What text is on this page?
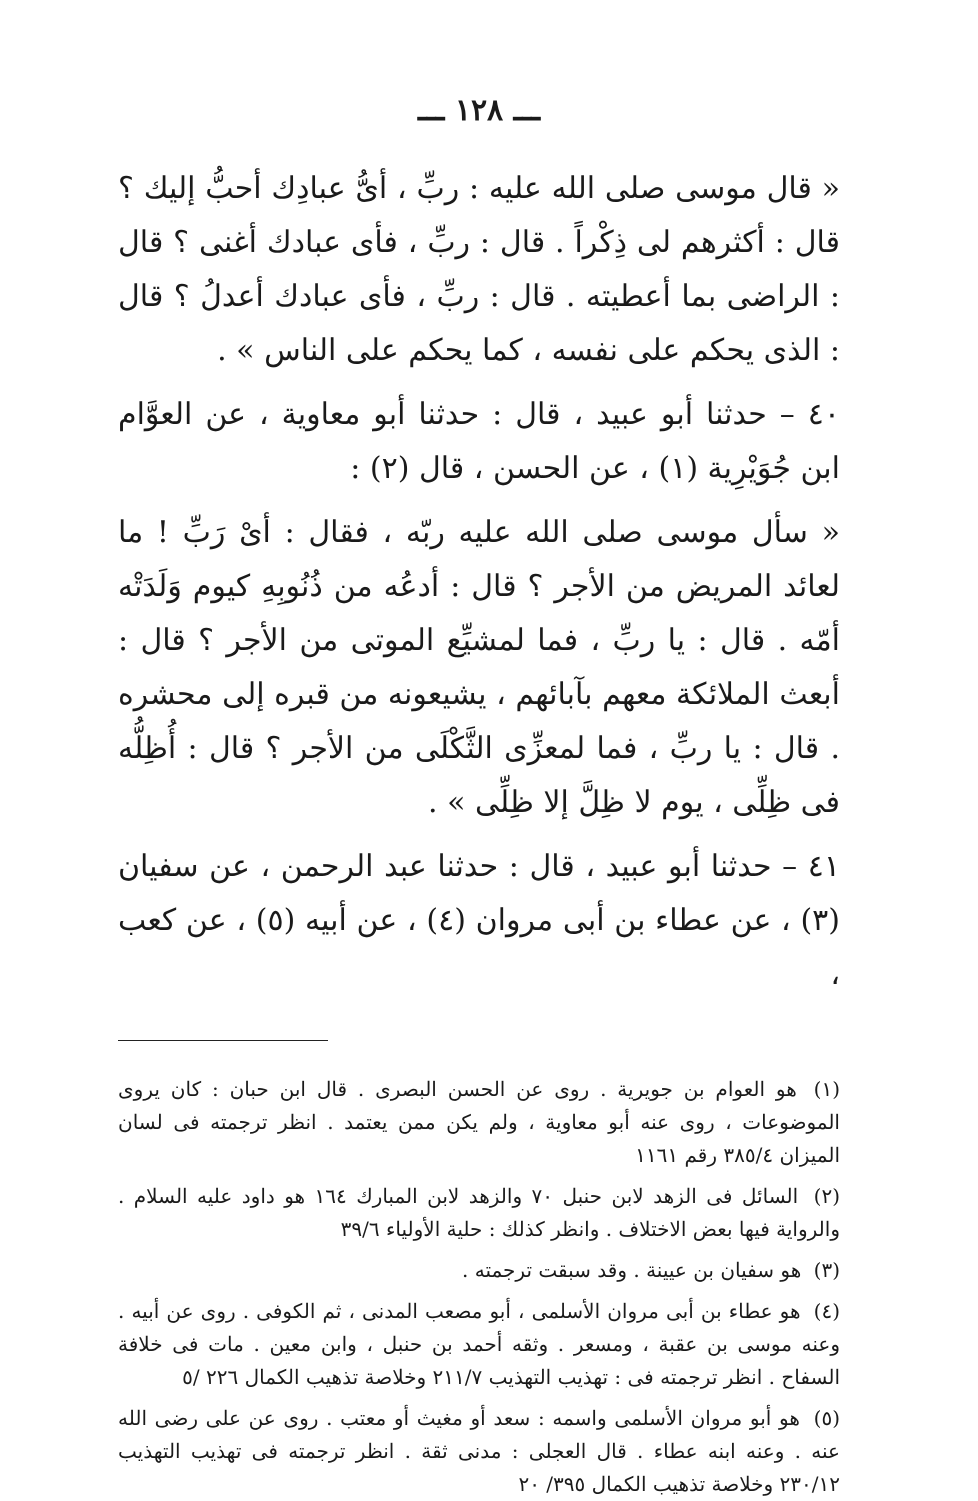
ـــ ١٢٨ ـــ

« قال موسى صلى الله عليه : ربِّ ، أىُّ عبادِك أحبُّ إليك ؟ قال : أكثرهم لى ذِكْراً . قال : ربِّ ، فأى عبادك أغنى ؟ قال : الراضى بما أعطيته . قال : ربِّ ، فأى عبادك أعدلُ ؟ قال : الذى يحكم على نفسه ، كما يحكم على الناس » .

٤٠ – حدثنا أبو عبيد ، قال : حدثنا أبو معاوية ، عن العوَّام ابن جُوَيْرِية (١) ، عن الحسن ، قال (٢) :

« سأل موسى صلى الله عليه ربّه ، فقال : أىْ رَبِّ ! ما لعائد المريض من الأجر ؟ قال : أدعُه من ذُنُوبِهِ كيوم وَلَدَتْه أمّه . قال : يا ربِّ ، فما لمشيِّع الموتى من الأجر ؟ قال : أبعث الملائكة معهم بآبائهم ، يشيعونه من قبره إلى محشره . قال : يا ربِّ ، فما لمعزِّى الثَّكْلَى من الأجر ؟ قال : أُظِلُّه فى ظِلِّى ، يوم لا ظِلَّ إلا ظِلِّى » .

٤١ – حدثنا أبو عبيد ، قال : حدثنا عبد الرحمن ، عن سفيان (٣) ، عن عطاء بن أبى مروان (٤) ، عن أبيه (٥) ، عن كعب ،

(١) هو العوام بن جويرية . روى عن الحسن البصرى . قال ابن حبان : كان يروى الموضوعات ، روى عنه أبو معاوية ، ولم يكن ممن يعتمد . انظر ترجمته فى لسان الميزان ٣٨٥/٤ رقم ١١٦١
(٢) السائل فى الزهد لابن حنبل ٧٠ والزهد لابن المبارك ١٦٤ هو داود عليه السلام . والرواية فيها بعض الاختلاف . وانظر كذلك : حلية الأولياء ٣٩/٦
(٣) هو سفيان بن عيينة . وقد سبقت ترجمته .
(٤) هو عطاء بن أبى مروان الأسلمى ، أبو مصعب المدنى ، ثم الكوفى . روى عن أبيه . وعنه موسى بن عقبة ، ومسعر . وثقه أحمد بن حنبل ، وابن معين . مات فى خلافة السفاح . انظر ترجمته فى : تهذيب التهذيب ٢١١/٧ وخلاصة تذهيب الكمال ٢٢٦ /٥
(٥) هو أبو مروان الأسلمى واسمه : سعد أو مغيث أو معتب . روى عن على رضى الله عنه . وعنه ابنه عطاء . قال العجلى : مدنى ثقة . انظر ترجمته فى تهذيب التهذيب ٢٣٠/١٢ وخلاصة تذهيب الكمال ٣٩٥/ ٢٠
